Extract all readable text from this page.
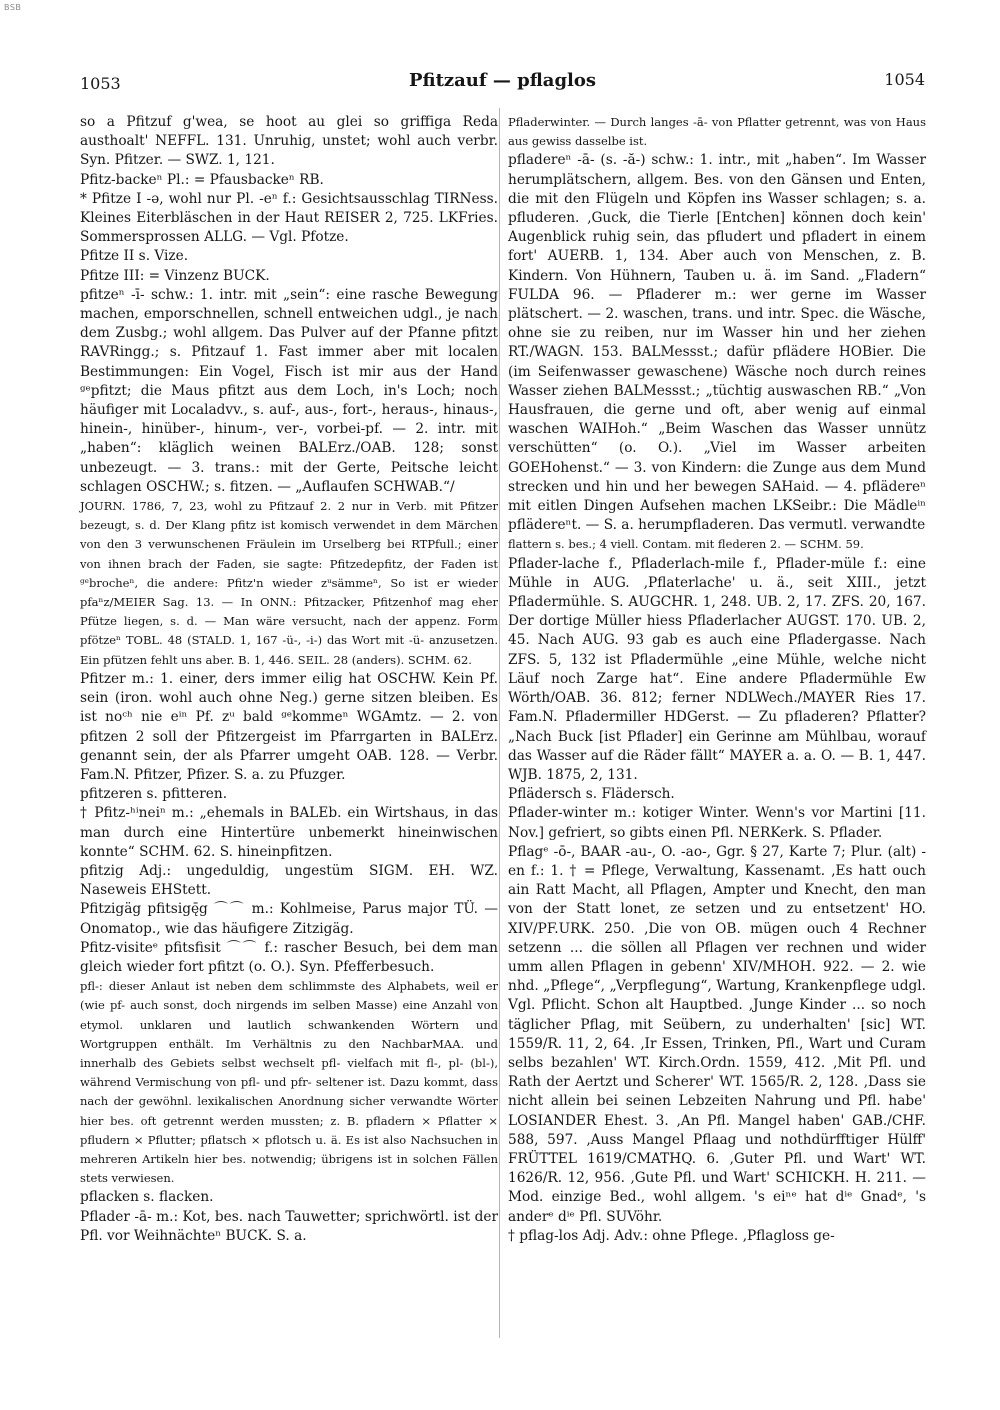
BSB
1053	Pfitzauf — pflaglos	1054

so a Pfitzuf g'wea, se hoot au glei so griffiga Reda austhoalt' NEFFL. 131. Unruhig, unstet; wohl auch verbr. Syn. Pfitzer. — SWZ. 1, 121.

Pfitz-backeⁿ Pl.: = Pfausbackeⁿ RB.

* Pfitze I -ə, wohl nur Pl. -eⁿ f.: Gesichtsausschlag TIRNess. Kleines Eiterbläschen in der Haut REISER 2, 725. LKFries. Sommersprossen ALLG. — Vgl. Pfotze.

Pfitze II s. Vize.

Pfitze III: = Vinzenz BUCK.

pfitzeⁿ -ī- schw.: 1. intr. mit „sein“: eine rasche Bewegung machen, emporschnellen, schnell entweichen udgl., je nach dem Zusbg.; wohl allgem. Das Pulver auf der Pfanne pfitzt RAVRingg.; s. Pfitzauf 1. Fast immer aber mit localen Bestimmungen: Ein Vogel, Fisch ist mir aus der Hand ᵍᵉpfitzt; die Maus pfitzt aus dem Loch, in's Loch; noch häufiger mit Localadvv., s. auf-, aus-, fort-, heraus-, hinaus-, hinein-, hinüber-, hinum-, ver-, vorbei-pf. — 2. intr. mit „haben“: kläglich weinen BALErz./OAB. 128; sonst unbezeugt. — 3. trans.: mit der Gerte, Peitsche leicht schlagen OSCHW.; s. fitzen. — „Auflaufen SCHWAB.“/

JOURN. 1786, 7, 23, wohl zu Pfitzauf 2. 2 nur in Verb. mit Pfitzer bezeugt, s. d. Der Klang pfitz ist komisch verwendet in dem Märchen von den 3 verwunschenen Fräulein im Urselberg bei RTPfull.; einer von ihnen brach der Faden, sie sagte: Pfitzedepfitz, der Faden ist ᵍᵉbrocheⁿ, die andere: Pfitz'n wieder zᵘsämmeⁿ, So ist er wieder pfaⁿz/MEIER Sag. 13. — In ONN.: Pfitzacker, Pfitzenhof mag eher Pfütze liegen, s. d. — Man wäre versucht, nach der appenz. Form pfötzeⁿ TOBL. 48 (STALD. 1, 167 -ü-, -i-) das Wort mit -ü- anzusetzen. Ein pfützen fehlt uns aber. B. 1, 446. SEIL. 28 (anders). SCHM. 62.

Pfitzer m.: 1. einer, ders immer eilig hat OSCHW. Kein Pf. sein (iron. wohl auch ohne Neg.) gerne sitzen bleiben. Es ist noᶜʰ nie eⁱⁿ Pf. zᵘ bald ᵍᵉkommeⁿ WGAmtz. — 2. von pfitzen 2 soll der Pfitzergeist im Pfarrgarten in BALErz. genannt sein, der als Pfarrer umgeht OAB. 128. — Verbr. Fam.N. Pfitzer, Pfizer. S. a. zu Pfuzger.

pfitzeren s. pfitteren.

† Pfitz-ʰⁱneiⁿ m.: „ehemals in BALEb. ein Wirtshaus, in das man durch eine Hintertüre unbemerkt hineinwischen konnte“ SCHM. 62. S. hineinpfitzen.

pfitzig Adj.: ungeduldig, ungestüm SIGM. EH. WZ. Naseweis EHStett.

Pfitzigäg pfitsigę̄g ⌒⌒ m.: Kohlmeise, Parus major TÜ. — Onomatop., wie das häufigere Zitzigäg.

Pfitz-visiteᵉ pfitsfisit ⌒⌒ f.: rascher Besuch, bei dem man gleich wieder fort pfitzt (o. O.). Syn. Pfefferbesuch.

pfl-: dieser Anlaut ist neben dem schlimmste des Alphabets, weil er (wie pf- auch sonst, doch nirgends im selben Masse) eine Anzahl von etymol. unklaren und lautlich schwankenden Wörtern und Wortgruppen enthält. Im Verhältnis zu den NachbarMAA. und innerhalb des Gebiets selbst wechselt pfl- vielfach mit fl-, pl- (bl-), während Vermischung von pfl- und pfr- seltener ist. Dazu kommt, dass nach der gewöhnl. lexikalischen Anordnung sicher verwandte Wörter hier bes. oft getrennt werden mussten; z. B. pfladern × Pflatter × pfludern × Pflutter; pflatsch × pflotsch u. ä. Es ist also Nachsuchen in mehreren Artikeln hier bes. notwendig; übrigens ist in solchen Fällen stets verwiesen.

pflacken s. flacken.

Pflader -ā- m.: Kot, bes. nach Tauwetter; sprichwörtl. ist der Pfl. vor Weihnächteⁿ BUCK. S. a.

Pfladerwinter. — Durch langes -ā- von Pflatter getrennt, was von Haus aus gewiss dasselbe ist.

pfladereⁿ -ā- (s. -ă-) schw.: 1. intr., mit „haben“. Im Wasser herumplätschern, allgem. Bes. von den Gänsen und Enten, die mit den Flügeln und Köpfen ins Wasser schlagen; s. a. pfluderen. ‚Guck, die Tierle [Entchen] können doch kein' Augenblick ruhig sein, das pfludert und pfladert in einem fort' AUERB. 1, 134. Aber auch von Menschen, z. B. Kindern. Von Hühnern, Tauben u. ä. im Sand. „Fladern“ FULDA 96. — Pfladerer m.: wer gerne im Wasser plätschert. — 2. waschen, trans. und intr. Spec. die Wäsche, ohne sie zu reiben, nur im Wasser hin und her ziehen RT./WAGN. 153. BALMessst.; dafür pflädere HOBier. Die (im Seifenwasser gewaschene) Wäsche noch durch reines Wasser ziehen BALMessst.; „tüchtig auswaschen RB.“ „Von Hausfrauen, die gerne und oft, aber wenig auf einmal waschen WAIHoh.“ „Beim Waschen das Wasser unnütz verschütten“ (o. O.). „Viel im Wasser arbeiten GOEHohenst.“ — 3. von Kindern: die Zunge aus dem Mund strecken und hin und her bewegen SAHaid. — 4. pflädereⁿ mit eitlen Dingen Aufsehen machen LKSeibr.: Die Mädleⁱⁿ pflädereⁿt. — S. a. herumpfladeren. Das vermutl. verwandte

flattern s. bes.; 4 viell. Contam. mit flederen 2. — SCHM. 59.

Pflader-lache f., Pfladerlach-mile f., Pflader-müle f.: eine Mühle in AUG. ‚Pflaterlache' u. ä., seit XIII., jetzt Pfladermühle. S. AUGCHR. 1, 248. UB. 2, 17. ZFS. 20, 167. Der dortige Müller hiess Pfladerlacher AUGST. 170. UB. 2, 45. Nach AUG. 93 gab es auch eine Pfladergasse. Nach ZFS. 5, 132 ist Pfladermühle „eine Mühle, welche nicht Läuf noch Zarge hat“. Eine andere Pfladermühle Ew Wörth/OAB. 36. 812; ferner NDLWech./MAYER Ries 17. Fam.N. Pfladermiller HDGerst. — Zu pfladeren? Pflatter? „Nach Buck [ist Pflader] ein Gerinne am Mühlbau, worauf das Wasser auf die Räder fällt“ MAYER a. a. O. — B. 1, 447. WJB. 1875, 2, 131.

Pflädersch s. Flädersch.

Pflader-winter m.: kotiger Winter. Wenn's vor Martini [11. Nov.] gefriert, so gibts einen Pfl. NERKerk. S. Pflader.

Pflagᵉ -ō-, BAAR -au-, O. -ao-, Ggr. § 27, Karte 7; Plur. (alt) -en f.: 1. † = Pflege, Verwaltung, Kassenamt. ‚Es hatt ouch ain Ratt Macht, all Pflagen, Ampter und Knecht, den man von der Statt lonet, ze setzen und zu entsetzent' HO. XIV/PF.URK. 250. ‚Die von OB. mügen ouch 4 Rechner setzenn ... die söllen all Pflagen ver rechnen und wider umm allen Pflagen in gebenn' XIV/MHOH. 922. — 2. wie nhd. „Pflege“, „Verpflegung“, Wartung, Krankenpflege udgl. Vgl. Pflicht. Schon alt Hauptbed. ‚Junge Kinder ... so noch täglicher Pflag, mit Seübern, zu underhalten' [sic] WT. 1559/R. 11, 2, 64. ‚Ir Essen, Trinken, Pfl., Wart und Curam selbs bezahlen' WT. Kirch.Ordn. 1559, 412. ‚Mit Pfl. und Rath der Aertzt und Scherer' WT. 1565/R. 2, 128. ‚Dass sie nicht allein bei seinen Lebzeiten Nahrung und Pfl. habe' LOSIANDER Ehest. 3. ‚An Pfl. Mangel haben' GAB./CHF. 588, 597. ‚Auss Mangel Pflaag und nothdürfftiger Hülff' FRÜTTEL 1619/CMATHQ. 6. ‚Guter Pfl. und Wart' WT. 1626/R. 12, 956. ‚Gute Pfl. und Wart' SCHICKH. H. 211. — Mod. einzige Bed., wohl allgem. 's eiⁿᵉ hat dⁱᵉ Gnadᵉ, 's anderᵉ dⁱᵉ Pfl. SUVöhr.

† pflag-los Adj. Adv.: ohne Pflege. ‚Pflagloss ge-
